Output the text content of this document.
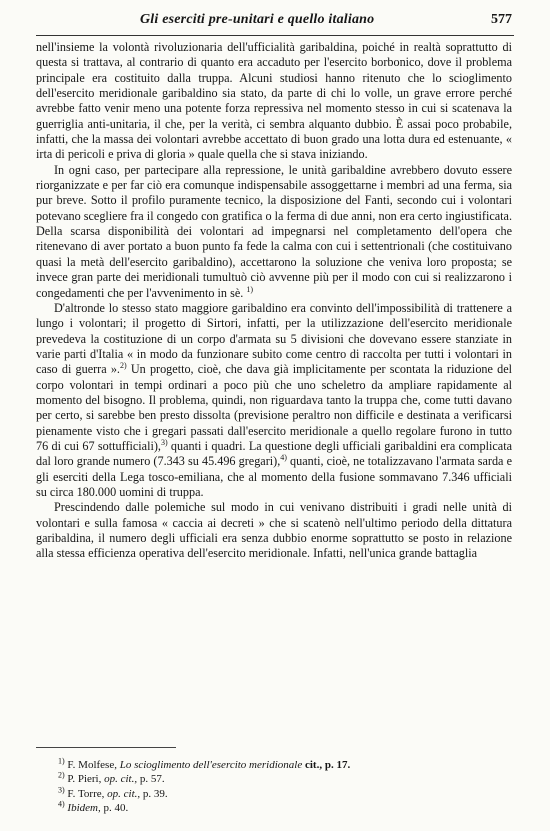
Gli eserciti pre-unitari e quello italiano	577

nell'insieme la volontà rivoluzionaria dell'ufficialità garibaldina, poiché in realtà soprattutto di questa si trattava, al contrario di quanto era accaduto per l'esercito borbonico, dove il problema principale era costituito dalla truppa. Alcuni studiosi hanno ritenuto che lo scioglimento dell'esercito meridionale garibaldino sia stato, da parte di chi lo volle, un grave errore perché avrebbe fatto venir meno una potente forza repressiva nel momento stesso in cui si scatenava la guerriglia anti-unitaria, il che, per la verità, ci sembra alquanto dubbio. È assai poco probabile, infatti, che la massa dei volontari avrebbe accettato di buon grado una lotta dura ed estenuante, « irta di pericoli e priva di gloria » quale quella che si stava iniziando.

In ogni caso, per partecipare alla repressione, le unità garibaldine avrebbero dovuto essere riorganizzate e per far ciò era comunque indispensabile assoggettarne i membri ad una ferma, sia pur breve. Sotto il profilo puramente tecnico, la disposizione del Fanti, secondo cui i volontari potevano scegliere fra il congedo con gratifica o la ferma di due anni, non era certo ingiustificata. Della scarsa disponibilità dei volontari ad impegnarsi nel completamento dell'opera che ritenevano di aver portato a buon punto fa fede la calma con cui i settentrionali (che costituivano quasi la metà dell'esercito garibaldino), accettarono la soluzione che veniva loro proposta; se invece gran parte dei meridionali tumultuò ciò avvenne più per il modo con cui si realizzarono i congedamenti che per l'avvenimento in sè. $^{1)}$

D'altronde lo stesso stato maggiore garibaldino era convinto dell'impossibilità di trattenere a lungo i volontari; il progetto di Sirtori, infatti, per la utilizzazione dell'esercito meridionale prevedeva la costituzione di un corpo d'armata su 5 divisioni che dovevano essere stanziate in varie parti d'Italia « in modo da funzionare subito come centro di raccolta per tutti i volontari in caso di guerra ».$^{2)}$ Un progetto, cioè, che dava già implicitamente per scontata la riduzione del corpo volontari in tempi ordinari a poco più che uno scheletro da ampliare rapidamente al momento del bisogno. Il problema, quindi, non riguardava tanto la truppa che, come tutti davano per certo, si sarebbe ben presto dissolta (previsione peraltro non difficile e destinata a verificarsi pienamente visto che i gregari passati dall'esercito meridionale a quello regolare furono in tutto 76 di cui 67 sottufficiali),$^{3)}$ quanti i quadri. La questione degli ufficiali garibaldini era complicata dal loro grande numero (7.343 su 45.496 gregari),$^{4)}$ quanti, cioè, ne totalizzavano l'armata sarda e gli eserciti della Lega tosco-emiliana, che al momento della fusione sommavano 7.346 ufficiali su circa 180.000 uomini di truppa.

Prescindendo dalle polemiche sul modo in cui venivano distribuiti i gradi nelle unità di volontari e sulla famosa « caccia ai decreti » che si scatenò nell'ultimo periodo della dittatura garibaldina, il numero degli ufficiali era senza dubbio enorme soprattutto se posto in relazione alla stessa efficienza operativa dell'esercito meridionale. Infatti, nell'unica grande battaglia

$^{1)}$ F. Molfese, Lo scioglimento dell'esercito meridionale cit., p. 17.
$^{2)}$ P. Pieri, op. cit., p. 57.
$^{3)}$ F. Torre, op. cit., p. 39.
$^{4)}$ Ibidem, p. 40.
